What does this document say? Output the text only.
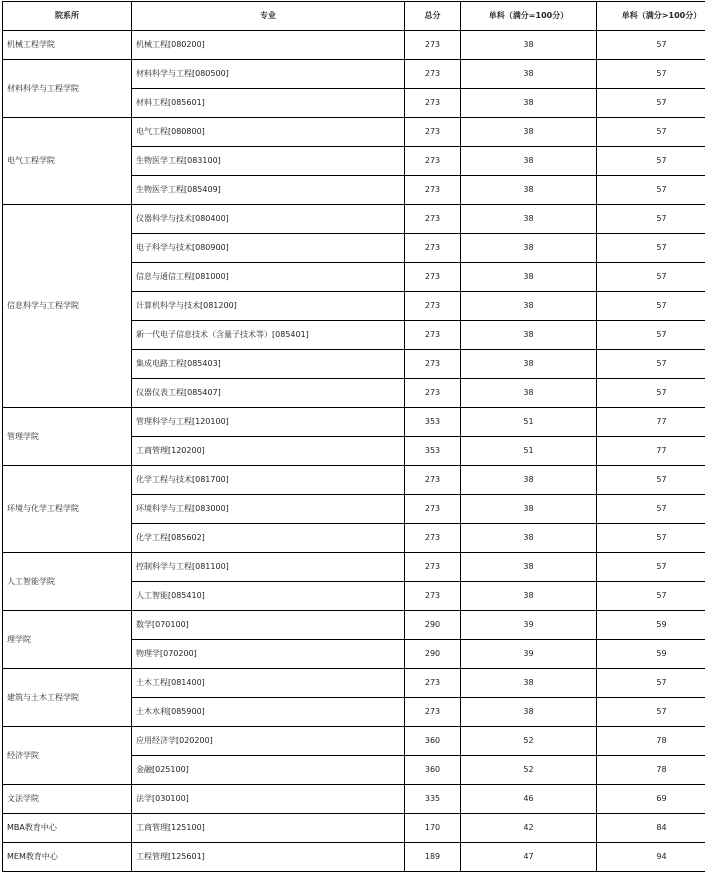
院系所	专业	总分	单科（满分=100分）	单科（满分>100分）
机械工程学院	机械工程[080200]	273	38	57
材料科学与工程学院	材料科学与工程[080500]	273	38	57
	材料工程[085601]	273	38	57
电气工程学院	电气工程[080800]	273	38	57
	生物医学工程[083100]	273	38	57
	生物医学工程[085409]	273	38	57
信息科学与工程学院	仪器科学与技术[080400]	273	38	57
	电子科学与技术[080900]	273	38	57
	信息与通信工程[081000]	273	38	57
	计算机科学与技术[081200]	273	38	57
	新一代电子信息技术（含量子技术等）[085401]	273	38	57
	集成电路工程[085403]	273	38	57
	仪器仪表工程[085407]	273	38	57
管理学院	管理科学与工程[120100]	353	51	77
	工商管理[120200]	353	51	77
环境与化学工程学院	化学工程与技术[081700]	273	38	57
	环境科学与工程[083000]	273	38	57
	化学工程[085602]	273	38	57
人工智能学院	控制科学与工程[081100]	273	38	57
	人工智能[085410]	273	38	57
理学院	数学[070100]	290	39	59
	物理学[070200]	290	39	59
建筑与土木工程学院	土木工程[081400]	273	38	57
	土木水利[085900]	273	38	57
经济学院	应用经济学[020200]	360	52	78
	金融[025100]	360	52	78
文法学院	法学[030100]	335	46	69
MBA教育中心	工商管理[125100]	170	42	84
MEM教育中心	工程管理[125601]	189	47	94
